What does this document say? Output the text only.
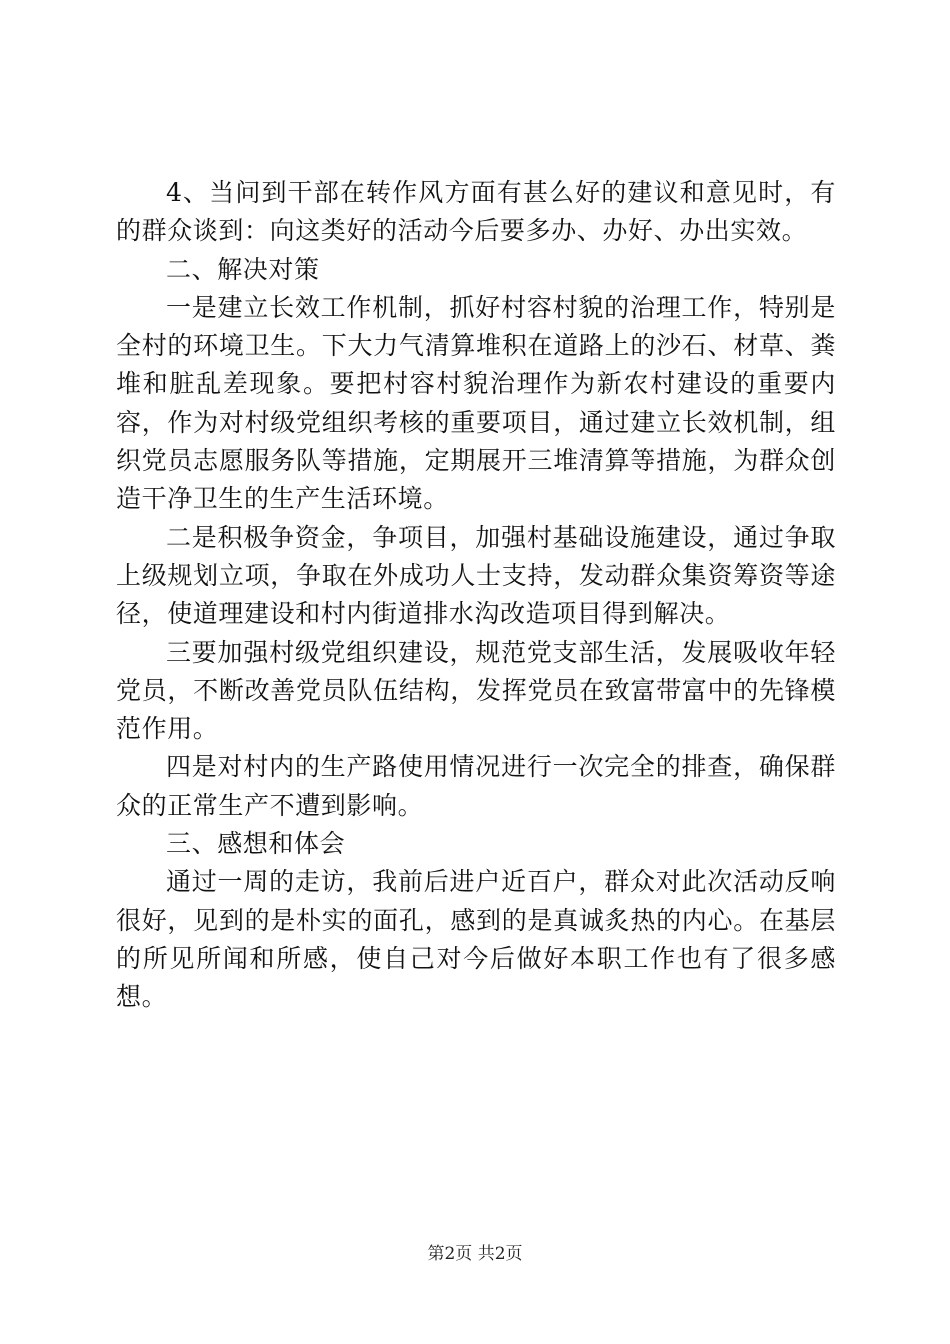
4、当问到干部在转作风方面有甚么好的建议和意见时，有的群众谈到：向这类好的活动今后要多办、办好、办出实效。

二、解决对策

一是建立长效工作机制，抓好村容村貌的治理工作，特别是全村的环境卫生。下大力气清算堆积在道路上的沙石、材草、粪堆和脏乱差现象。要把村容村貌治理作为新农村建设的重要内容，作为对村级党组织考核的重要项目，通过建立长效机制，组织党员志愿服务队等措施，定期展开三堆清算等措施，为群众创造干净卫生的生产生活环境。

二是积极争资金，争项目，加强村基础设施建设，通过争取上级规划立项，争取在外成功人士支持，发动群众集资筹资等途径，使道理建设和村内街道排水沟改造项目得到解决。

三要加强村级党组织建设，规范党支部生活，发展吸收年轻党员，不断改善党员队伍结构，发挥党员在致富带富中的先锋模范作用。

四是对村内的生产路使用情况进行一次完全的排查，确保群众的正常生产不遭到影响。

三、感想和体会

通过一周的走访，我前后进户近百户，群众对此次活动反响很好，见到的是朴实的面孔，感到的是真诚炙热的内心。在基层的所见所闻和所感，使自己对今后做好本职工作也有了很多感想。

第2页 共2页
